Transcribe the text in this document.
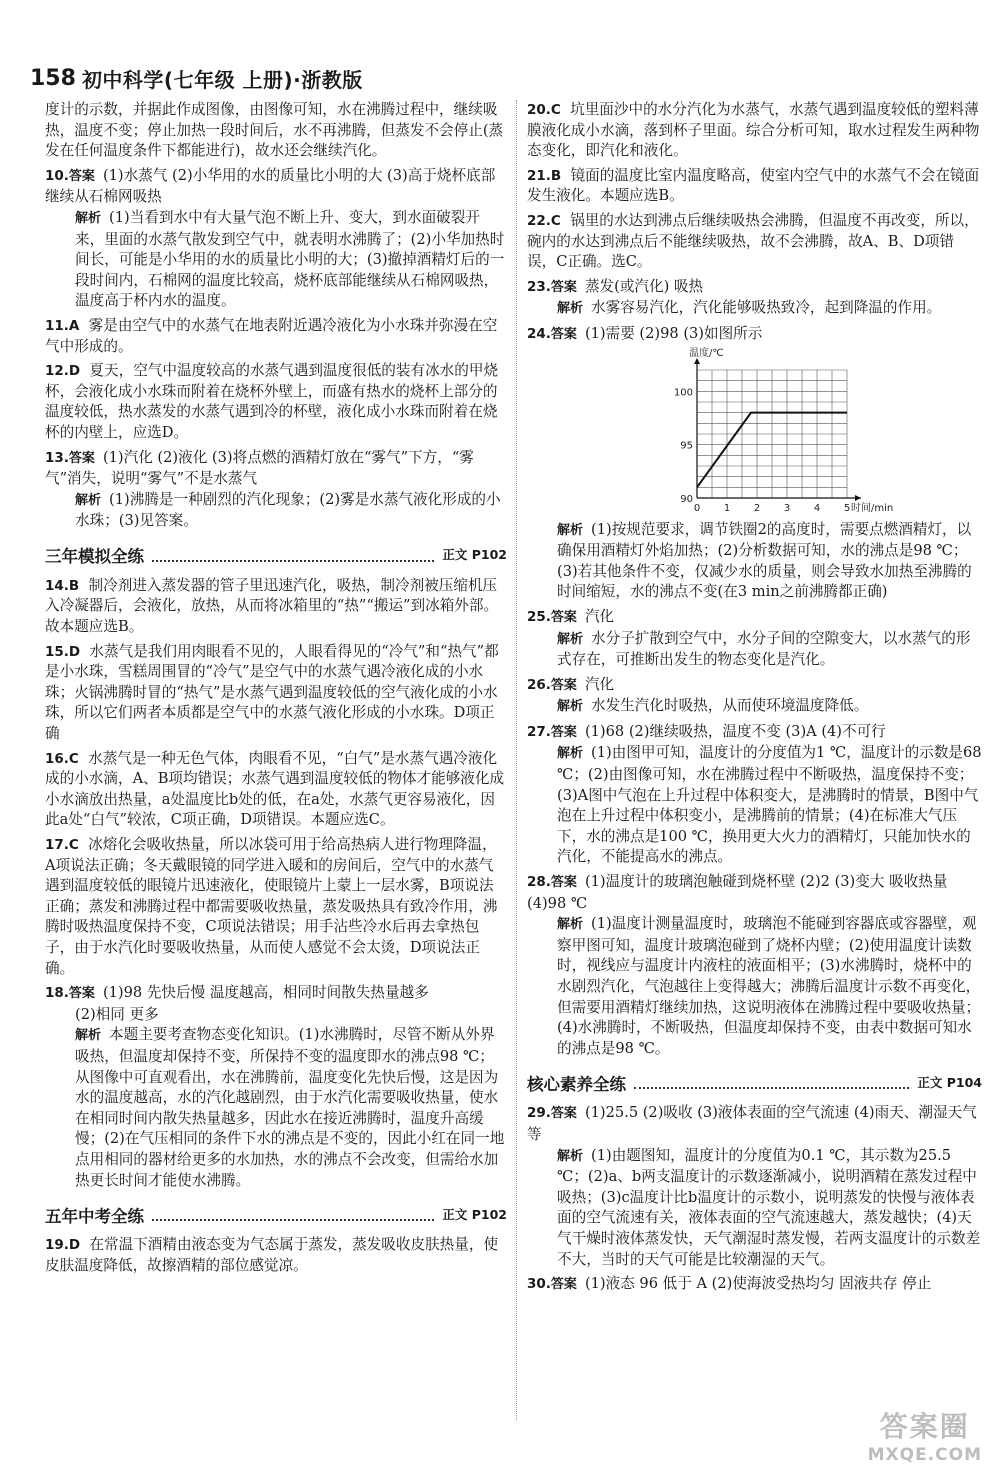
158 初中科学(七年级 上册)·浙教版
度计的示数，并据此作成图像，由图像可知，水在沸腾过程中，继续吸热，温度不变；停止加热一段时间后，水不再沸腾，但蒸发不会停止(蒸发在任何温度条件下都能进行)，故水还会继续汽化。
10.答案 (1)水蒸气 (2)小华用的水的质量比小明的大 (3)高于烧杯底部继续从石棉网吸热
解析 (1)当看到水中有大量气泡不断上升、变大，到水面破裂开来，里面的水蒸气散发到空气中，就表明水沸腾了；(2)小华加热时间长，可能是小华用的水的质量比小明的大；(3)撤掉酒精灯后的一段时间内，石棉网的温度比较高，烧杯底部能继续从石棉网吸热，温度高于杯内水的温度。
11.A 雾是由空气中的水蒸气在地表附近遇冷液化为小水珠并弥漫在空气中形成的。
12.D 夏天，空气中温度较高的水蒸气遇到温度很低的装有冰水的甲烧杯，会液化成小水珠而附着在烧杯外壁上，而盛有热水的烧杯上部分的温度较低，热水蒸发的水蒸气遇到冷的杯壁，液化成小水珠而附着在烧杯的内壁上，应选D。
13.答案 (1)汽化 (2)液化 (3)将点燃的酒精灯放在“雾气”下方，“雾气”消失，说明“雾气”不是水蒸气
解析 (1)沸腾是一种剧烈的汽化现象；(2)雾是水蒸气液化形成的小水珠；(3)见答案。
三年模拟全练	正文 P102
14.B 制冷剂进入蒸发器的管子里迅速汽化，吸热，制冷剂被压缩机压入冷凝器后，会液化，放热，从而将冰箱里的“热”“搬运”到冰箱外部。故本题应选B。
15.D 水蒸气是我们用肉眼看不见的，人眼看得见的“冷气”和“热气”都是小水珠，雪糕周围冒的“冷气”是空气中的水蒸气遇冷液化成的小水珠；火锅沸腾时冒的“热气”是水蒸气遇到温度较低的空气液化成的小水珠，所以它们两者本质都是空气中的水蒸气液化形成的小水珠。D项正确
16.C 水蒸气是一种无色气体，肉眼看不见，“白气”是水蒸气遇冷液化成的小水滴，A、B项均错误；水蒸气遇到温度较低的物体才能够液化成小水滴放出热量，a处温度比b处的低，在a处，水蒸气更容易液化，因此a处“白气”较浓，C项正确，D项错误。本题应选C。
17.C 冰熔化会吸收热量，所以冰袋可用于给高热病人进行物理降温，A项说法正确；冬天戴眼镜的同学进入暖和的房间后，空气中的水蒸气遇到温度较低的眼镜片迅速液化，使眼镜片上蒙上一层水雾，B项说法正确；蒸发和沸腾过程中都需要吸收热量，蒸发吸热具有致冷作用，沸腾时吸热温度保持不变，C项说法错误；用手沾些冷水后再去拿热包子，由于水汽化时要吸收热量，从而使人感觉不会太烫，D项说法正确。
18.答案 (1)98 先快后慢 温度越高，相同时间散失热量越多
(2)相同 更多
解析 本题主要考查物态变化知识。(1)水沸腾时，尽管不断从外界吸热，但温度却保持不变，所保持不变的温度即水的沸点98 ℃；从图像中可直观看出，水在沸腾前，温度变化先快后慢，这是因为水的温度越高，水的汽化越剧烈，由于水汽化需要吸收热量，使水在相同时间内散失热量越多，因此水在接近沸腾时，温度升高缓慢；(2)在气压相同的条件下水的沸点是不变的，因此小红在同一地点用相同的器材给更多的水加热，水的沸点不会改变，但需给水加热更长时间才能使水沸腾。
五年中考全练	正文 P102
19.D 在常温下酒精由液态变为气态属于蒸发，蒸发吸收皮肤热量，使皮肤温度降低，故擦酒精的部位感觉凉。
20.C 坑里面沙中的水分汽化为水蒸气，水蒸气遇到温度较低的塑料薄膜液化成小水滴，落到杯子里面。综合分析可知，取水过程发生两种物态变化，即汽化和液化。
21.B 镜面的温度比室内温度略高，使室内空气中的水蒸气不会在镜面发生液化。本题应选B。
22.C 锅里的水达到沸点后继续吸热会沸腾，但温度不再改变，所以，碗内的水达到沸点后不能继续吸热，故不会沸腾，故A、B、D项错误，C正确。选C。
23.答案 蒸发(或汽化) 吸热
解析 水雾容易汽化，汽化能够吸热致冷，起到降温的作用。
24.答案 (1)需要 (2)98 (3)如图所示
0 1 2 3 4 5
90
95
100
温度/℃
时间/min
解析 (1)按规范要求，调节铁圈2的高度时，需要点燃酒精灯，以确保用酒精灯外焰加热；(2)分析数据可知，水的沸点是98 ℃；(3)若其他条件不变，仅减少水的质量，则会导致水加热至沸腾的时间缩短，水的沸点不变(在3 min之前沸腾都正确)
25.答案 汽化
解析 水分子扩散到空气中，水分子间的空隙变大，以水蒸气的形式存在，可推断出发生的物态变化是汽化。
26.答案 汽化
解析 水发生汽化时吸热，从而使环境温度降低。
27.答案 (1)68 (2)继续吸热，温度不变 (3)A (4)不可行
解析 (1)由图甲可知，温度计的分度值为1 ℃，温度计的示数是68 ℃；(2)由图像可知，水在沸腾过程中不断吸热，温度保持不变；(3)A图中气泡在上升过程中体积变大，是沸腾时的情景，B图中气泡在上升过程中体积变小，是沸腾前的情景；(4)在标准大气压下，水的沸点是100 ℃，换用更大火力的酒精灯，只能加快水的汽化，不能提高水的沸点。
28.答案 (1)温度计的玻璃泡触碰到烧杯壁 (2)2 (3)变大 吸收热量 (4)98 ℃
解析 (1)温度计测量温度时，玻璃泡不能碰到容器底或容器壁，观察甲图可知，温度计玻璃泡碰到了烧杯内壁；(2)使用温度计读数时，视线应与温度计内液柱的液面相平；(3)水沸腾时，烧杯中的水剧烈汽化，气泡越往上变得越大；沸腾后温度计示数不再变化，但需要用酒精灯继续加热，这说明液体在沸腾过程中要吸收热量；(4)水沸腾时，不断吸热，但温度却保持不变，由表中数据可知水的沸点是98 ℃。
核心素养全练	正文 P104
29.答案 (1)25.5 (2)吸收 (3)液体表面的空气流速 (4)雨天、潮湿天气等
解析 (1)由题图知，温度计的分度值为0.1 ℃，其示数为25.5 ℃；(2)a、b两支温度计的示数逐渐减小，说明酒精在蒸发过程中吸热；(3)c温度计比b温度计的示数小，说明蒸发的快慢与液体表面的空气流速有关，液体表面的空气流速越大，蒸发越快；(4)天气干燥时液体蒸发快，天气潮湿时蒸发慢，若两支温度计的示数差不大，当时的天气可能是比较潮湿的天气。
30.答案 (1)液态 96 低于 A (2)使海波受热均匀 固液共存 停止
答案圈
MXQE.COM
